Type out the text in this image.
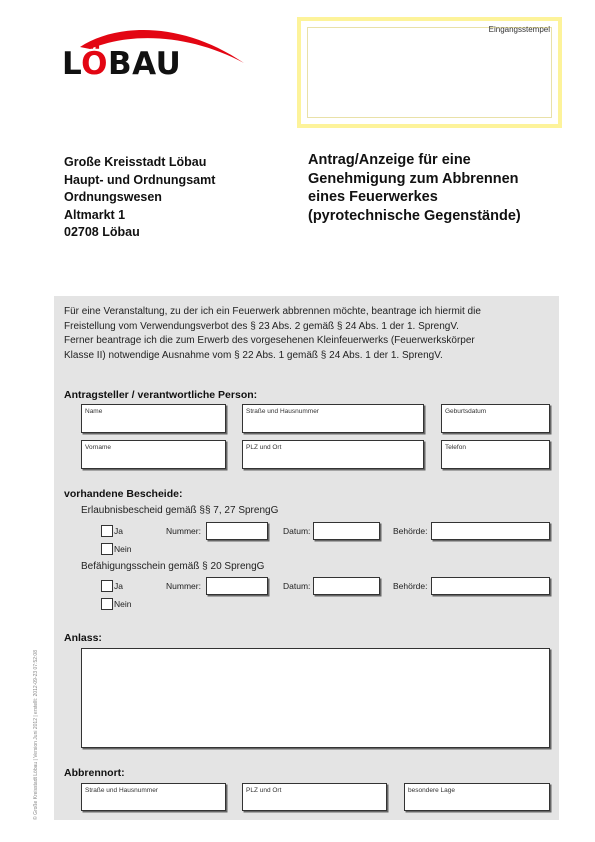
LÖBAU
Eingangsstempel
Große Kreisstadt Löbau
Haupt- und Ordnungsamt
Ordnungswesen
Altmarkt 1
02708 Löbau
Antrag/Anzeige für eine
Genehmigung zum Abbrennen
eines Feuerwerkes
(pyrotechnische Gegenstände)
Für eine Veranstaltung, zu der ich ein Feuerwerk abbrennen möchte, beantrage ich hiermit die
Freistellung vom Verwendungsverbot des § 23 Abs. 2 gemäß § 24 Abs. 1 der 1. SprengV.
Ferner beantrage ich die zum Erwerb des vorgesehenen Kleinfeuerwerks (Feuerwerkskörper
Klasse II) notwendige Ausnahme vom § 22 Abs. 1 gemäß § 24 Abs. 1 der 1. SprengV.
Antragsteller / verantwortliche Person:
Name	Straße und Hausnummer	Geburtsdatum
Vorname	PLZ und Ort	Telefon
vorhandene Bescheide:
Erlaubnisbescheid gemäß §§ 7, 27 SprengG
Ja	Nummer:	Datum:	Behörde:
Nein
Befähigungsschein gemäß § 20 SprengG
Ja	Nummer:	Datum:	Behörde:
Nein
Anlass:
Abbrennort:
Straße und Hausnummer	PLZ und Ort	besondere Lage
© Große Kreisstadt Löbau | Version Juni 2012 | erstellt: 2012-09-23 07:52:08
